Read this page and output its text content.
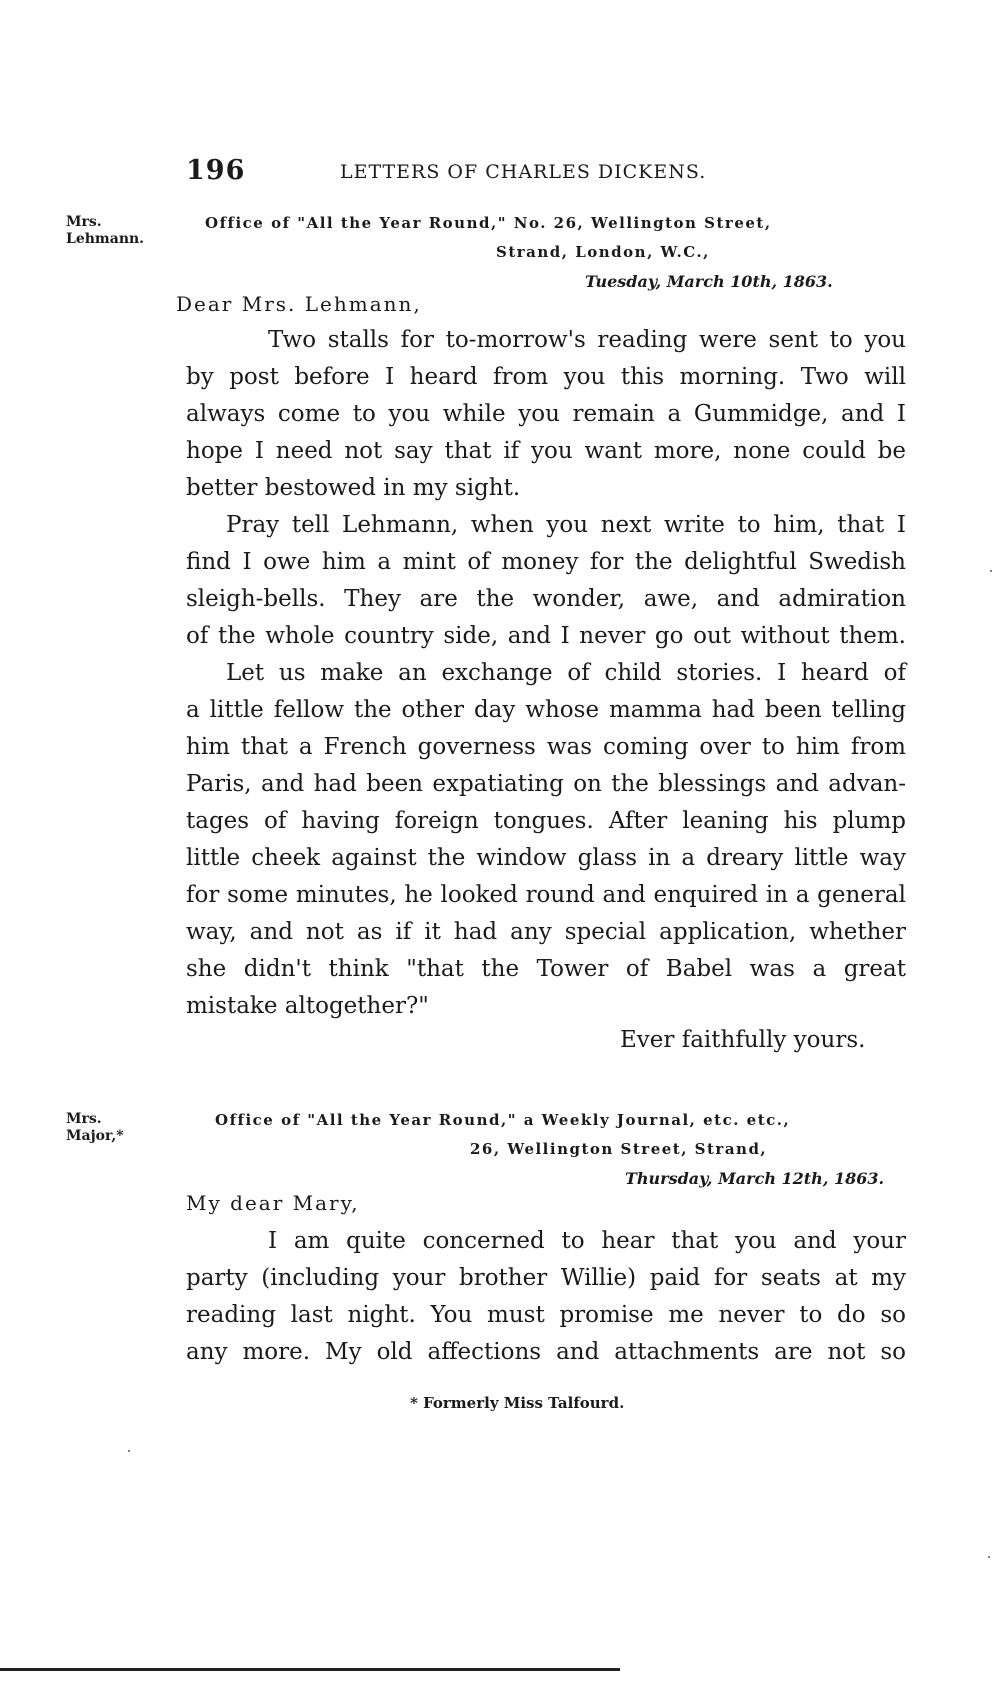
196	LETTERS OF CHARLES DICKENS.
Mrs.
Lehmann.
Office of "All the Year Round," No. 26, Wellington Street,
Strand, London, W.C.,
Tuesday, March 10th, 1863.
Dear Mrs. Lehmann,
Two stalls for to-morrow's reading were sent to you
by post before I heard from you this morning. Two will
always come to you while you remain a Gummidge, and I
hope I need not say that if you want more, none could be
better bestowed in my sight.
Pray tell Lehmann, when you next write to him, that I
find I owe him a mint of money for the delightful Swedish
sleigh-bells. They are the wonder, awe, and admiration
of the whole country side, and I never go out without them.
Let us make an exchange of child stories. I heard of
a little fellow the other day whose mamma had been telling
him that a French governess was coming over to him from
Paris, and had been expatiating on the blessings and advan-
tages of having foreign tongues. After leaning his plump
little cheek against the window glass in a dreary little way
for some minutes, he looked round and enquired in a general
way, and not as if it had any special application, whether
she didn't think "that the Tower of Babel was a great
mistake altogether?"
Ever faithfully yours.
Mrs.
Major,*
Office of "All the Year Round," a Weekly Journal, etc. etc.,
26, Wellington Street, Strand,
Thursday, March 12th, 1863.
My dear Mary,
I am quite concerned to hear that you and your
party (including your brother Willie) paid for seats at my
reading last night. You must promise me never to do so
any more. My old affections and attachments are not so
* Formerly Miss Talfourd.
